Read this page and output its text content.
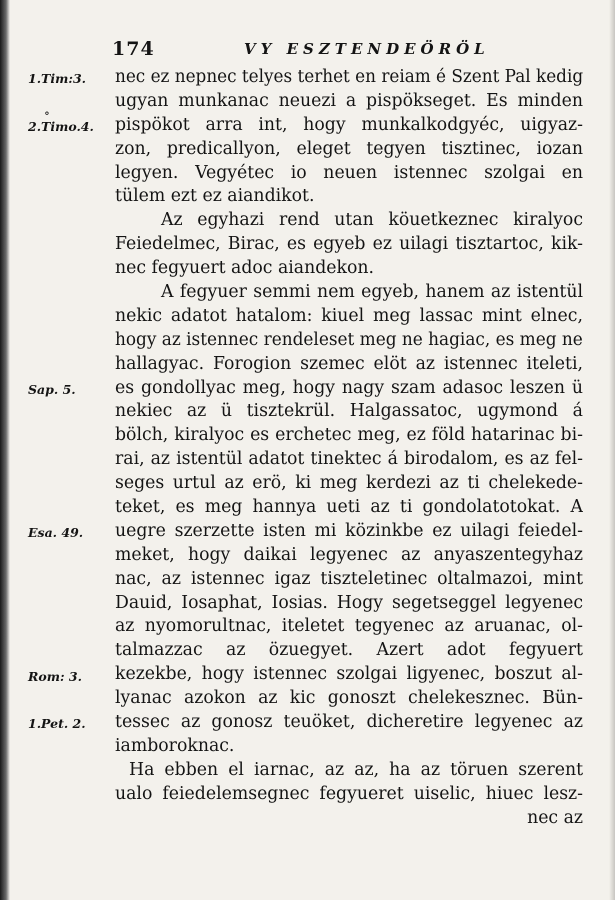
174	VY ESZTENDEÖRÖL
∘
1.Tim:3.
2.Timo.4.
Sap. 5.
Esa. 49.
Rom: 3.
1.Pet. 2.
nec ez nepnec telyes terhet en reiam é Szent Pal kedig
ugyan munkanac neuezi a pispökseget. Es minden
pispökot arra int, hogy munkalkodgyéc, uigyaz-
zon, predicallyon, eleget tegyen tisztinec, iozan
legyen. Vegyétec io neuen istennec szolgai en
tülem ezt ez aiandikot.
Az egyhazi rend utan köuetkeznec kiralyoc
Feiedelmec, Birac, es egyeb ez uilagi tisztartoc, kik-
nec fegyuert adoc aiandekon.
A fegyuer semmi nem egyeb, hanem az istentül
nekic adatot hatalom: kiuel meg lassac mint elnec,
hogy az istennec rendeleset meg ne hagiac, es meg ne
hallagyac. Forogion szemec elöt az istennec iteleti,
es gondollyac meg, hogy nagy szam adasoc leszen ü
nekiec az ü tisztekrül. Halgassatoc, ugymond á
bölch, kiralyoc es erchetec meg, ez föld hatarinac bi-
rai, az istentül adatot tinektec á birodalom, es az fel-
seges urtul az erö, ki meg kerdezi az ti chelekede-
teket, es meg hannya ueti az ti gondolatotokat. A
uegre szerzette isten mi közinkbe ez uilagi feiedel-
meket, hogy daikai legyenec az anyaszentegyhaz
nac, az istennec igaz tiszteletinec oltalmazoi, mint
Dauid, Iosaphat, Iosias. Hogy segetseggel legyenec
az nyomorultnac, iteletet tegyenec az aruanac, ol-
talmazzac az özuegyet. Azert adot fegyuert
kezekbe, hogy istennec szolgai ligyenec, boszut al-
lyanac azokon az kic gonoszt chelekesznec. Bün-
tessec az gonosz teuöket, dicheretire legyenec az
iamboroknac.
Ha ebben el iarnac, az az, ha az töruen szerent
ualo feiedelemsegnec fegyueret uiselic, hiuec lesz-
nec az
